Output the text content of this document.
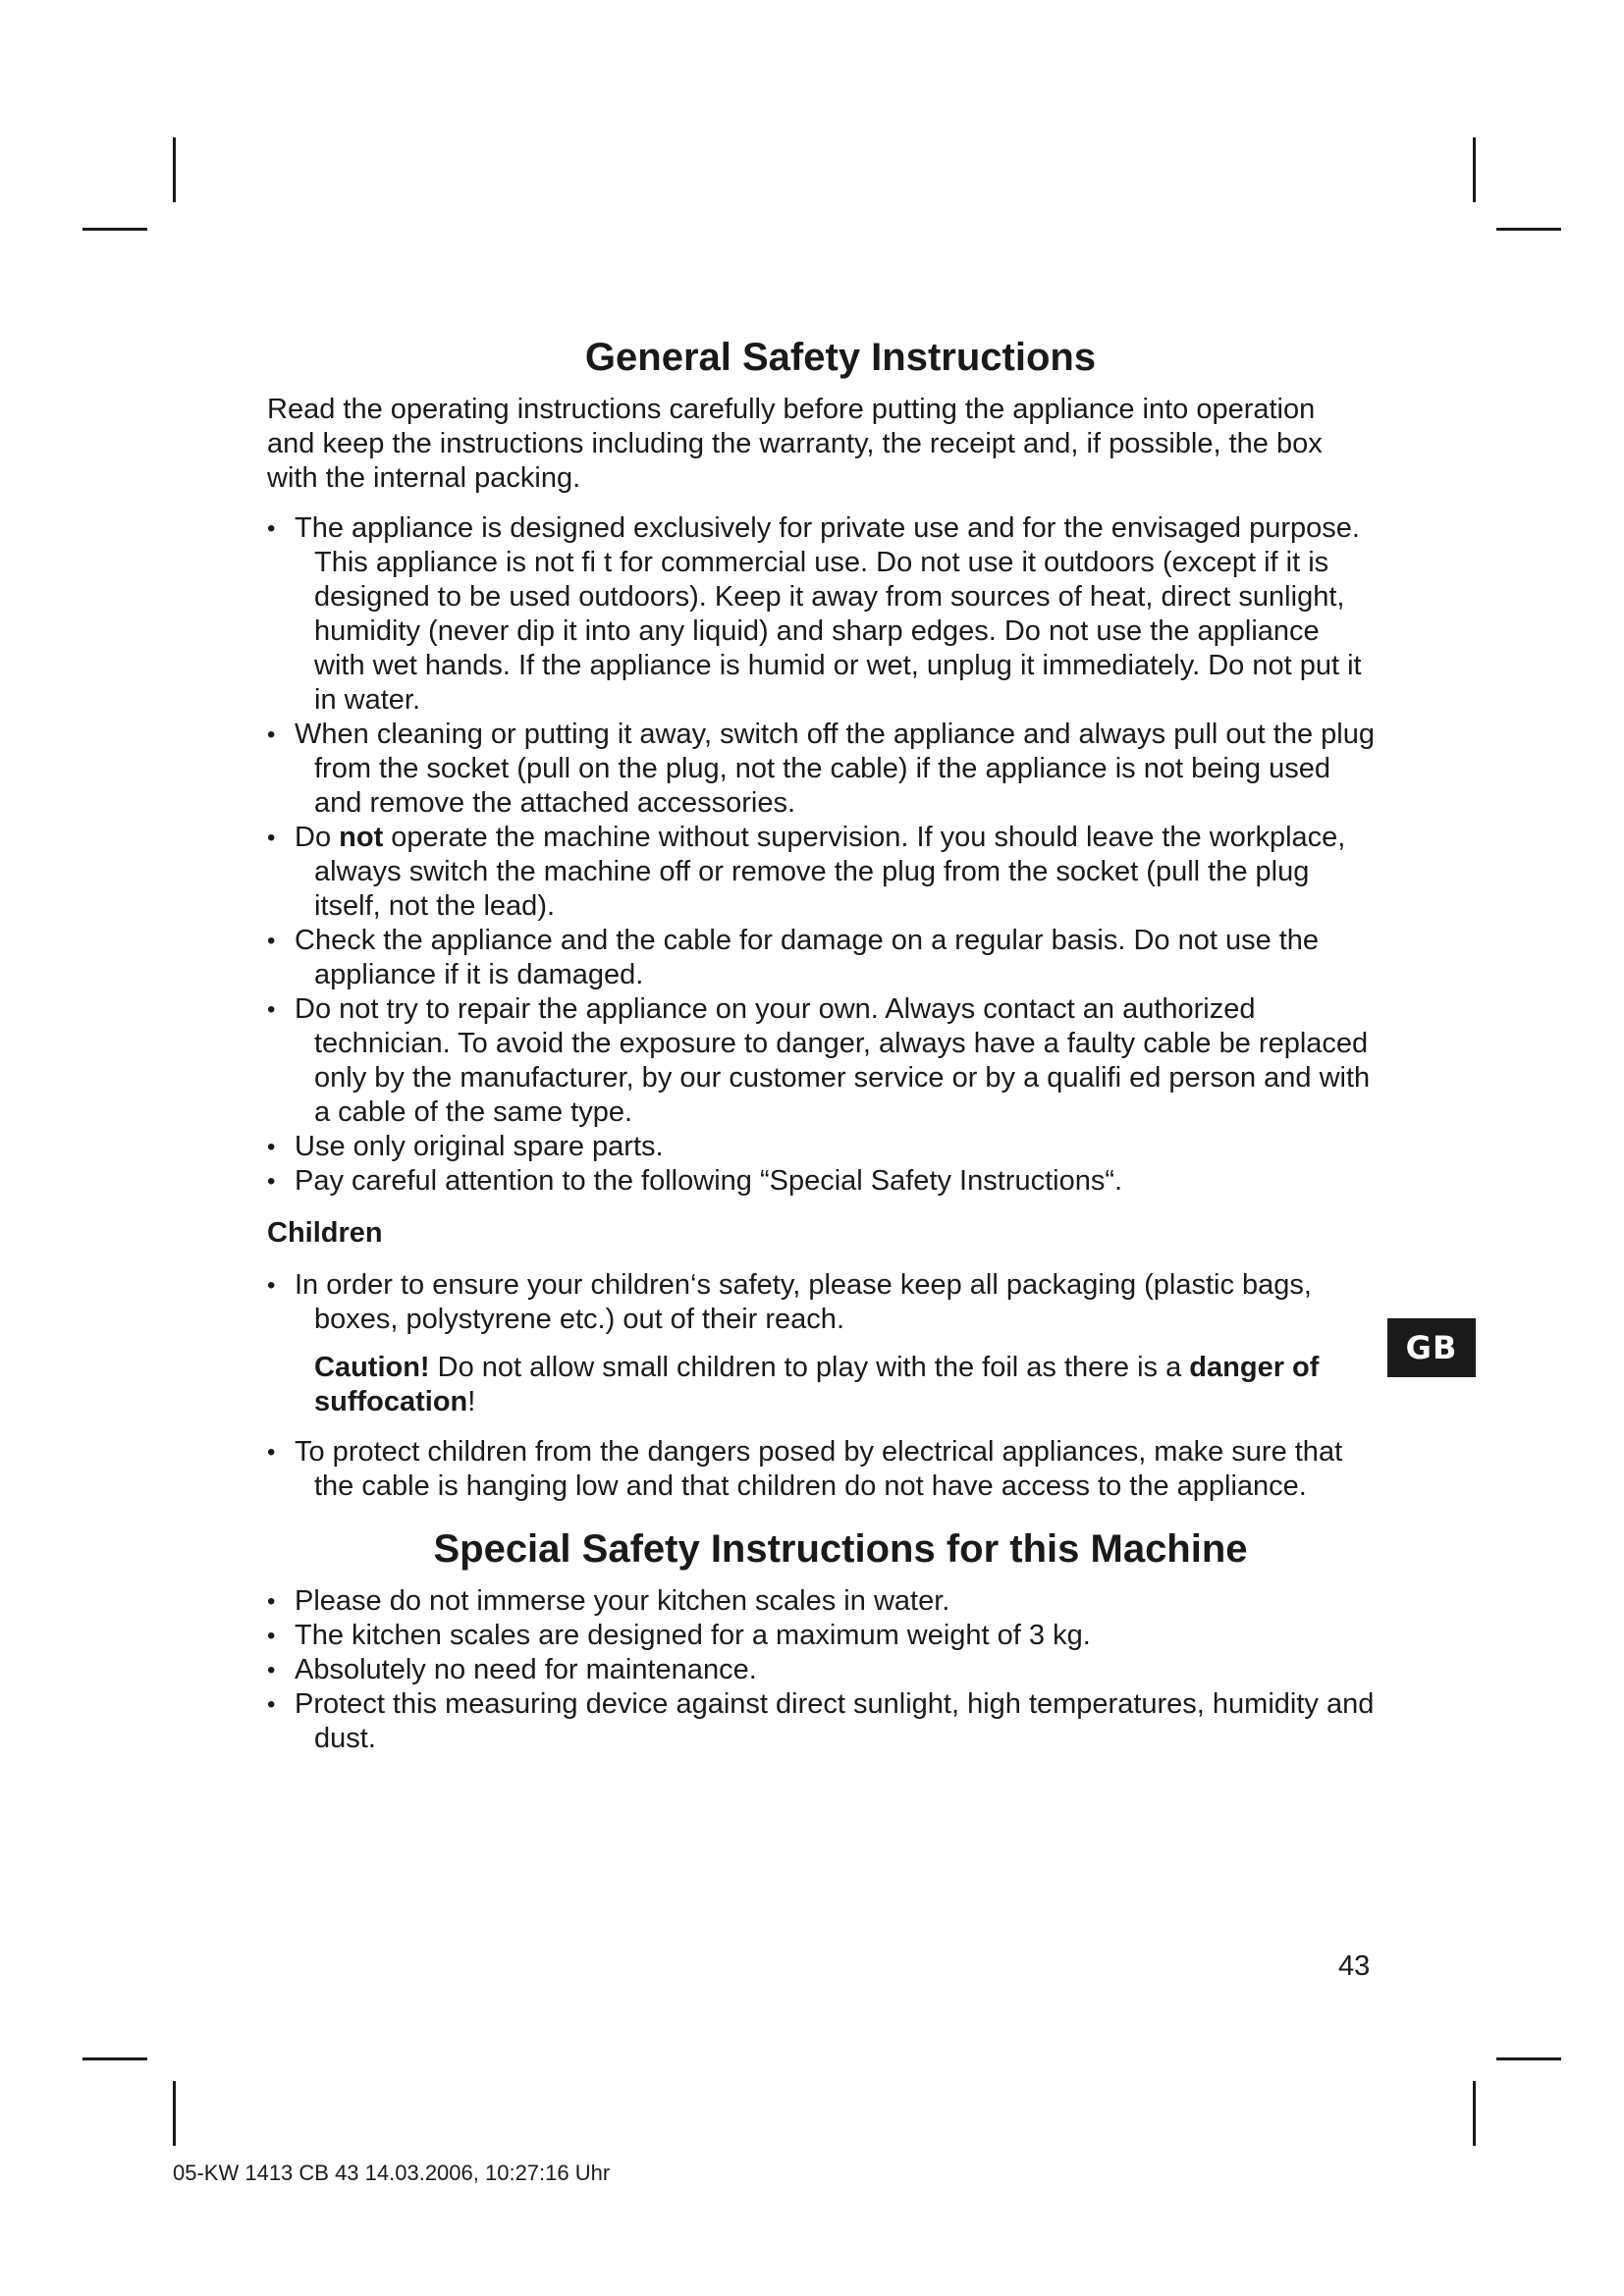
General Safety Instructions

Read the operating instructions carefully before putting the appliance into operation and keep the instructions including the warranty, the receipt and, if possible, the box with the internal packing.

• The appliance is designed exclusively for private use and for the envisaged purpose. This appliance is not fi t for commercial use. Do not use it outdoors (except if it is designed to be used outdoors). Keep it away from sources of heat, direct sunlight, humidity (never dip it into any liquid) and sharp edges. Do not use the appliance with wet hands. If the appliance is humid or wet, unplug it immediately. Do not put it in water.
• When cleaning or putting it away, switch off the appliance and always pull out the plug from the socket (pull on the plug, not the cable) if the appliance is not being used and remove the attached accessories.
• Do not operate the machine without supervision. If you should leave the workplace, always switch the machine off or remove the plug from the socket (pull the plug itself, not the lead).
• Check the appliance and the cable for damage on a regular basis. Do not use the appliance if it is damaged.
• Do not try to repair the appliance on your own. Always contact an authorized technician. To avoid the exposure to danger, always have a faulty cable be replaced only by the manufacturer, by our customer service or by a qualifi ed person and with a cable of the same type.
• Use only original spare parts.
• Pay careful attention to the following “Special Safety Instructions“.
Children
• In order to ensure your children‘s safety, please keep all packaging (plastic bags, boxes, polystyrene etc.) out of their reach.

Caution! Do not allow small children to play with the foil as there is a danger of suffocation!

• To protect children from the dangers posed by electrical appliances, make sure that the cable is hanging low and that children do not have access to the appliance.
Special Safety Instructions for this Machine
• Please do not immerse your kitchen scales in water.
• The kitchen scales are designed for a maximum weight of 3 kg.
• Absolutely no need for maintenance.
• Protect this measuring device against direct sunlight, high temperatures, humidity and dust.
GB
43
05-KW 1413 CB 43 14.03.2006, 10:27:16 Uhr
